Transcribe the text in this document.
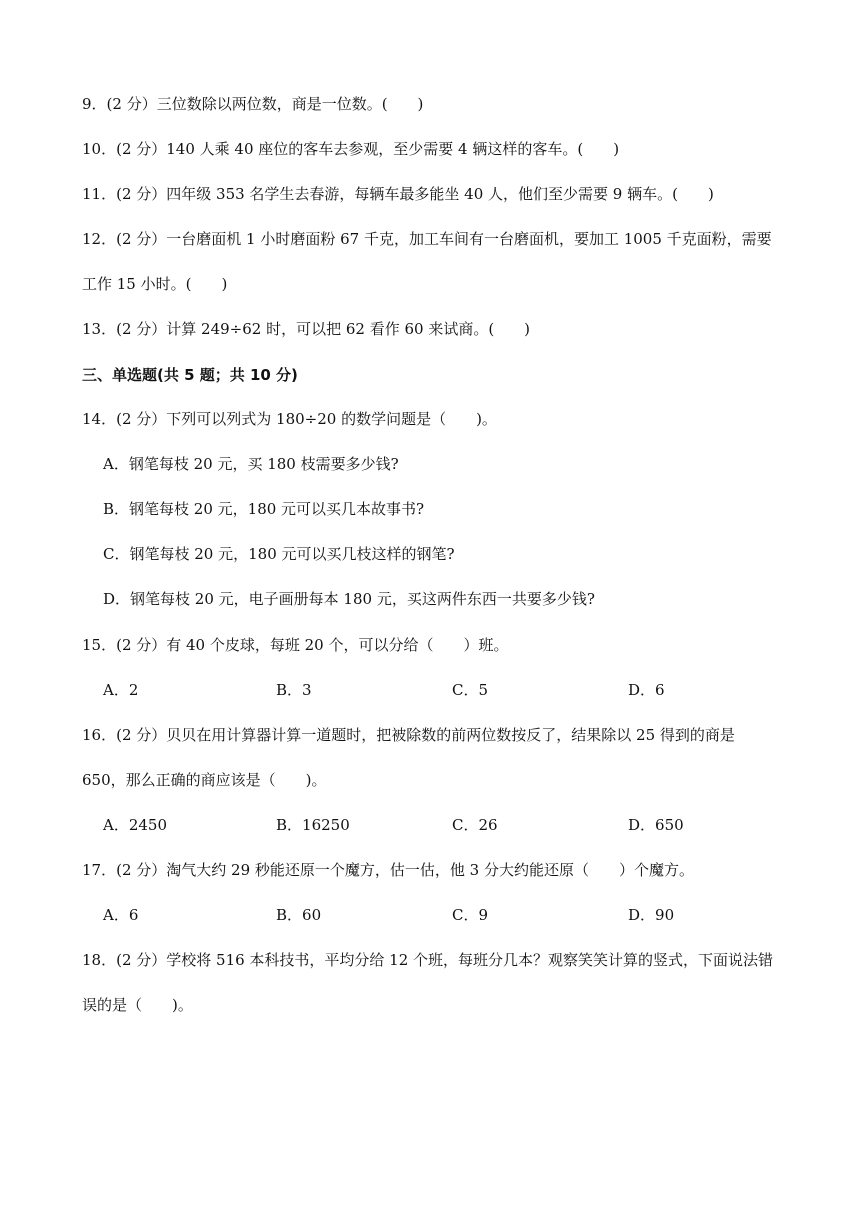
9．(2 分）三位数除以两位数，商是一位数。(　　)
10．(2 分）140 人乘 40 座位的客车去参观，至少需要 4 辆这样的客车。(　　)
11．(2 分）四年级 353 名学生去春游，每辆车最多能坐 40 人，他们至少需要 9 辆车。(　　)
12．(2 分）一台磨面机 1 小时磨面粉 67 千克，加工车间有一台磨面机，要加工 1005 千克面粉，需要
工作 15 小时。(　　)
13．(2 分）计算 249÷62 时，可以把 62 看作 60 来试商。(　　)
三、单选题(共 5 题；共 10 分)
14．(2 分）下列可以列式为 180÷20 的数学问题是（　　)。
A．钢笔每枝 20 元，买 180 枝需要多少钱?
B．钢笔每枝 20 元，180 元可以买几本故事书?
C．钢笔每枝 20 元，180 元可以买几枝这样的钢笔?
D．钢笔每枝 20 元，电子画册每本 180 元，买这两件东西一共要多少钱?
15．(2 分）有 40 个皮球，每班 20 个，可以分给（　　）班。
A．2	B．3	C．5	D．6
16．(2 分）贝贝在用计算器计算一道题时，把被除数的前两位数按反了，结果除以 25 得到的商是
650，那么正确的商应该是（　　)。
A．2450	B．16250	C．26	D．650
17．(2 分）淘气大约 29 秒能还原一个魔方，估一估，他 3 分大约能还原（　　）个魔方。
A．6	B．60	C．9	D．90
18．(2 分）学校将 516 本科技书，平均分给 12 个班，每班分几本？观察笑笑计算的竖式，下面说法错
误的是（　　)。
